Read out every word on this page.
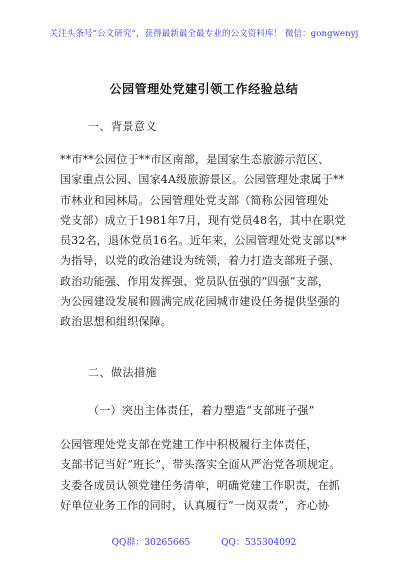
关注头条号“公文研究”，获得最新最全最专业的公文资料库！ 微信：gongwenyj
公园管理处党建引领工作经验总结
一、背景意义
**市**公园位于**市区南部，是国家生态旅游示范区、
国家重点公园、国家4A级旅游景区。公园管理处隶属于**
市林业和园林局。公园管理处党支部（简称公园管理处
党支部）成立于1981年7月，现有党员48名，其中在职党
员32名，退休党员16名。近年来，公园管理处党支部以**
为指导，以党的政治建设为统领，着力打造支部班子强、
政治功能强、作用发挥强、党员队伍强的“四强”支部，
为公园建设发展和圆满完成花园城市建设任务提供坚强的
政治思想和组织保障。
二、做法措施
（一）突出主体责任，着力塑造“支部班子强”
公园管理处党支部在党建工作中积极履行主体责任，
支部书记当好“班长”，带头落实全面从严治党各项规定。
支委各成员认领党建任务清单，明确党建工作职责，在抓
好单位业务工作的同时，认真履行“一岗双责”，齐心协
QQ群：30265665	QQ：535304092
